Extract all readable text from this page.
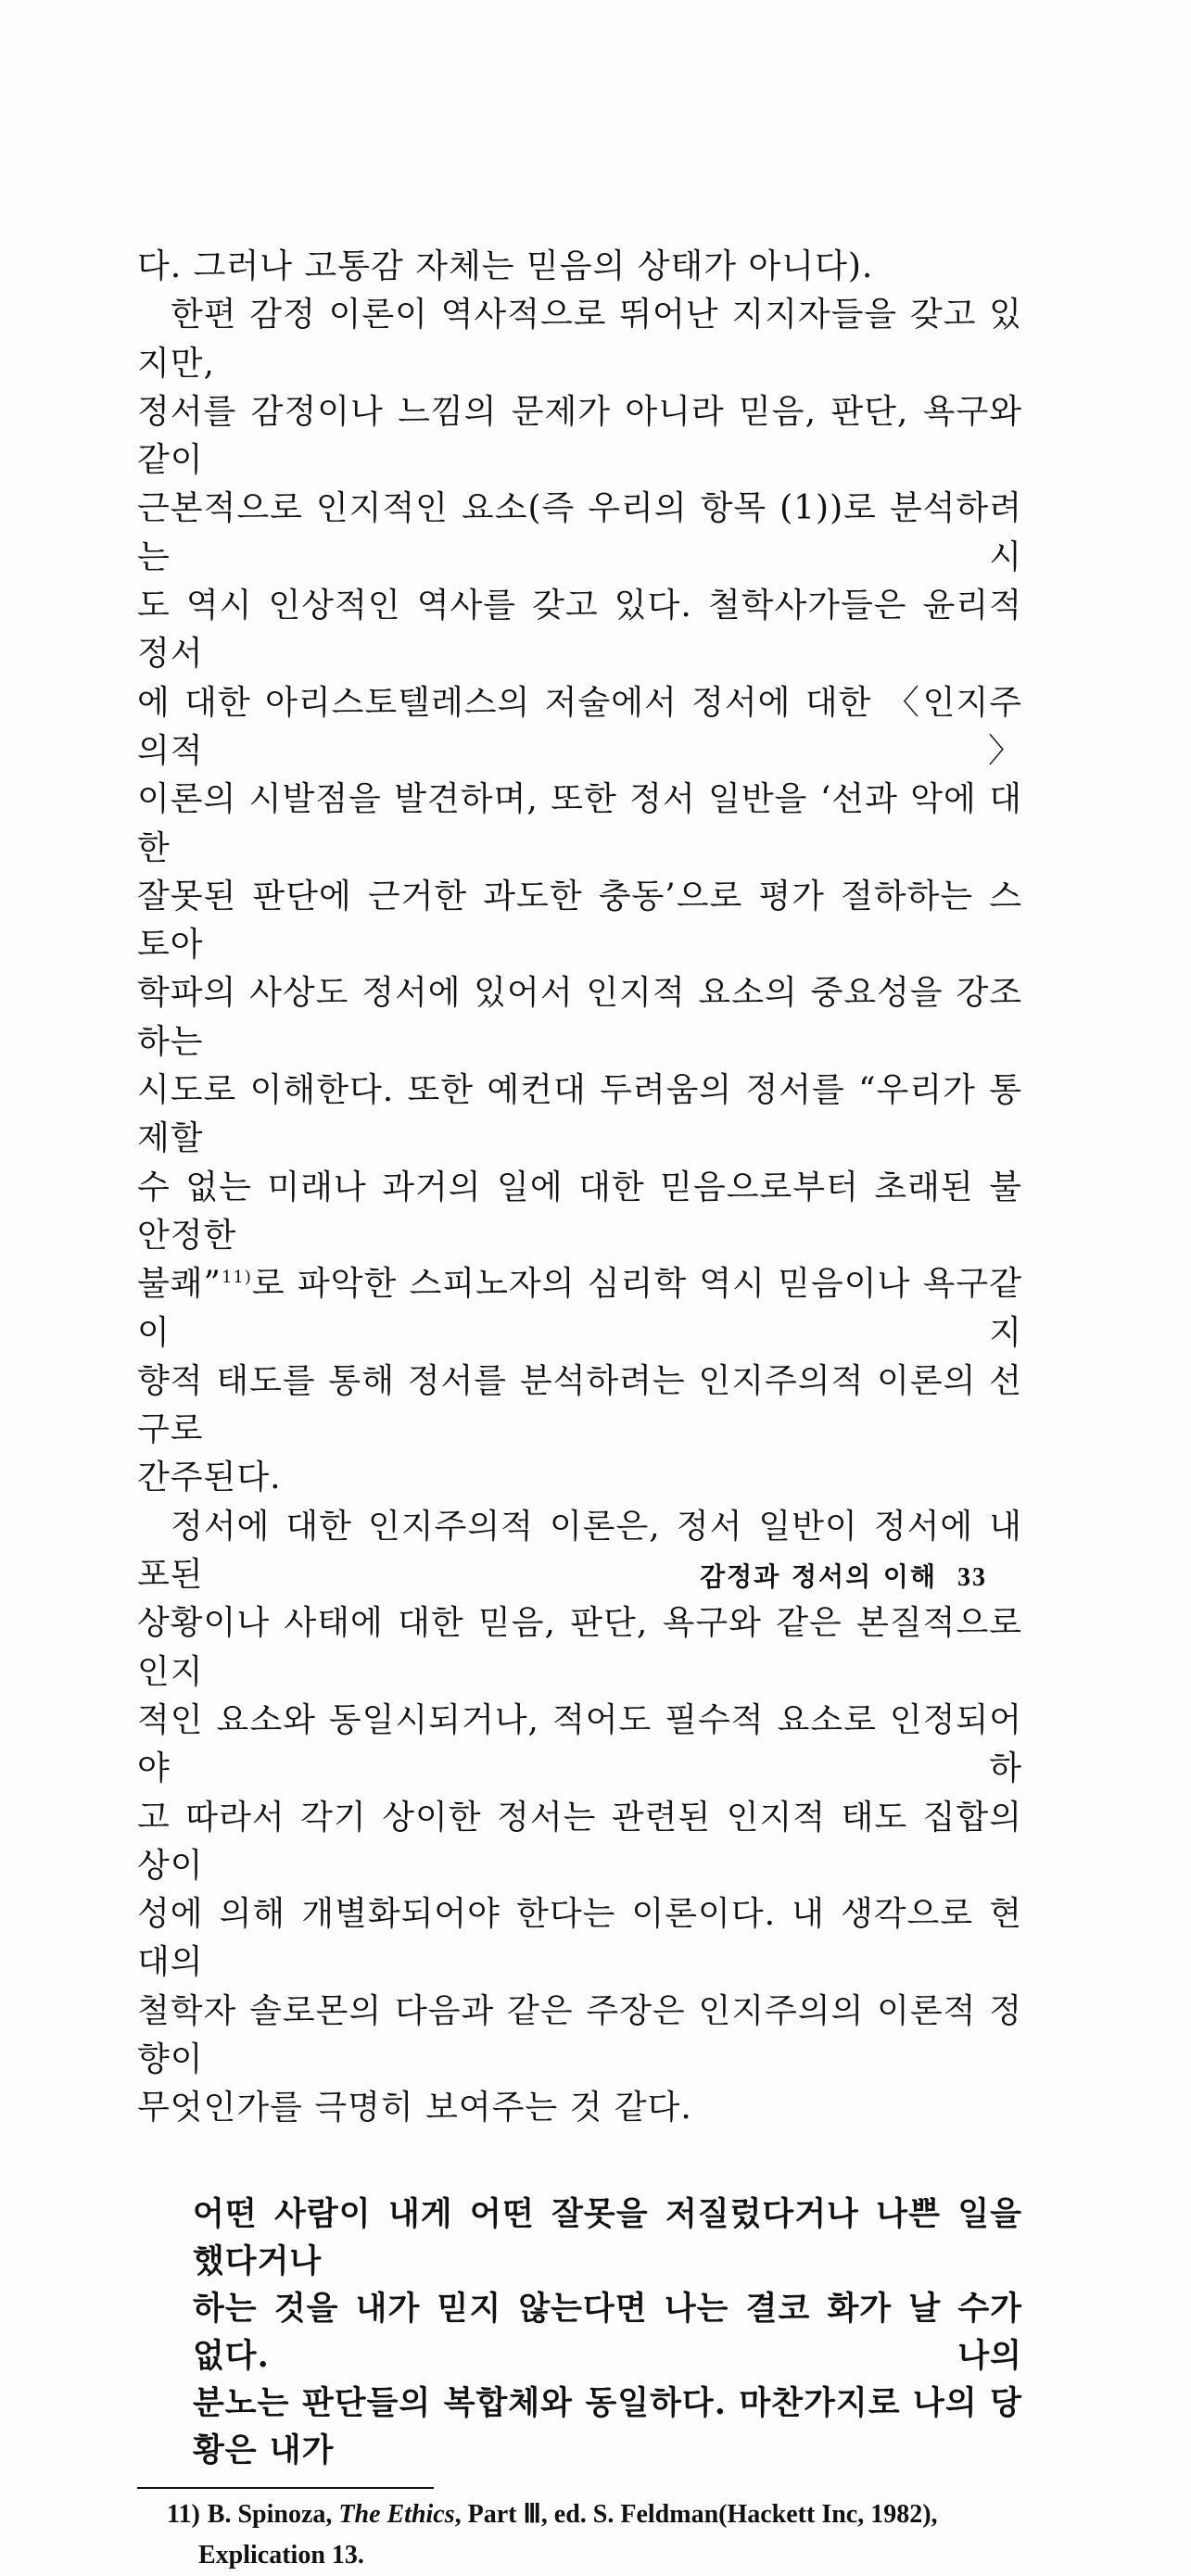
다. 그러나 고통감 자체는 믿음의 상태가 아니다).
한편 감정 이론이 역사적으로 뛰어난 지지자들을 갖고 있지만,
정서를 감정이나 느낌의 문제가 아니라 믿음, 판단, 욕구와 같이
근본적으로 인지적인 요소(즉 우리의 항목 (1))로 분석하려는 시
도 역시 인상적인 역사를 갖고 있다. 철학사가들은 윤리적 정서
에 대한 아리스토텔레스의 저술에서 정서에 대한 〈인지주의적〉
이론의 시발점을 발견하며, 또한 정서 일반을 ‘선과 악에 대한
잘못된 판단에 근거한 과도한 충동’으로 평가 절하하는 스토아
학파의 사상도 정서에 있어서 인지적 요소의 중요성을 강조하는
시도로 이해한다. 또한 예컨대 두려움의 정서를 “우리가 통제할
수 없는 미래나 과거의 일에 대한 믿음으로부터 초래된 불안정한
불쾌”$^{11)}$로 파악한 스피노자의 심리학 역시 믿음이나 욕구같이 지
향적 태도를 통해 정서를 분석하려는 인지주의적 이론의 선구로
간주된다.
정서에 대한 인지주의적 이론은, 정서 일반이 정서에 내포된
상황이나 사태에 대한 믿음, 판단, 욕구와 같은 본질적으로 인지
적인 요소와 동일시되거나, 적어도 필수적 요소로 인정되어야 하
고 따라서 각기 상이한 정서는 관련된 인지적 태도 집합의 상이
성에 의해 개별화되어야 한다는 이론이다. 내 생각으로 현대의
철학자 솔로몬의 다음과 같은 주장은 인지주의의 이론적 정향이
무엇인가를 극명히 보여주는 것 같다.
어떤 사람이 내게 어떤 잘못을 저질렀다거나 나쁜 일을 했다거나
하는 것을 내가 믿지 않는다면 나는 결코 화가 날 수가 없다. 나의
분노는 판단들의 복합체와 동일하다. 마찬가지로 나의 당황은 내가
11) B. Spinoza, The Ethics, Part Ⅲ, ed. S. Feldman(Hackett Inc, 1982),
Explication 13.
감정과 정서의 이해 33
